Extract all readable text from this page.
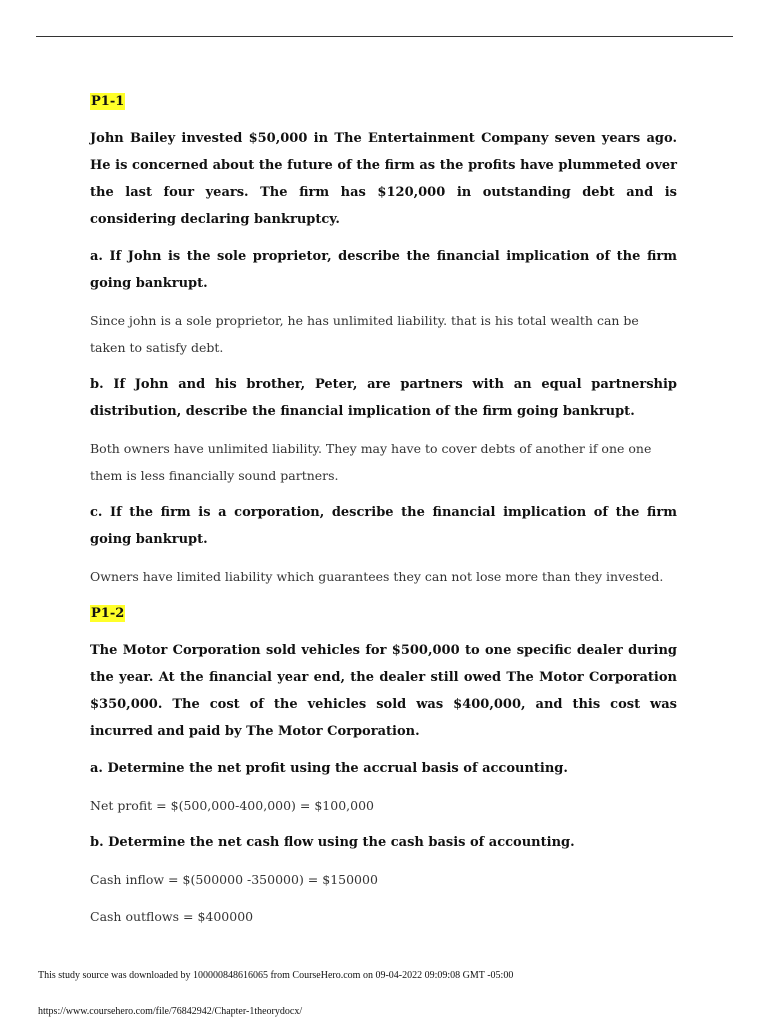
P1-1

John Bailey invested $50,000 in The Entertainment Company seven years ago. He is concerned about the future of the firm as the profits have plummeted over the last four years. The firm has $120,000 in outstanding debt and is considering declaring bankruptcy.

a. If John is the sole proprietor, describe the financial implication of the firm going bankrupt.

Since john is a sole proprietor, he has unlimited liability. that is his total wealth can be taken to satisfy debt.

b. If John and his brother, Peter, are partners with an equal partnership distribution, describe the financial implication of the firm going bankrupt.

Both owners have unlimited liability. They may have to cover debts of another if one one them is less financially sound partners.

c. If the firm is a corporation, describe the financial implication of the firm going bankrupt.

Owners have limited liability which guarantees they can not lose more than they invested.

P1-2

The Motor Corporation sold vehicles for $500,000 to one specific dealer during the year. At the financial year end, the dealer still owed The Motor Corporation $350,000. The cost of the vehicles sold was $400,000, and this cost was incurred and paid by The Motor Corporation.

a. Determine the net profit using the accrual basis of accounting.

Net profit = $(500,000-400,000) = $100,000

b. Determine the net cash flow using the cash basis of accounting.

Cash inflow = $(500000 -350000) = $150000

Cash outflows = $400000

This study source was downloaded by 100000848616065 from CourseHero.com on 09-04-2022 09:09:08 GMT -05:00
https://www.coursehero.com/file/76842942/Chapter-1theorydocx/
